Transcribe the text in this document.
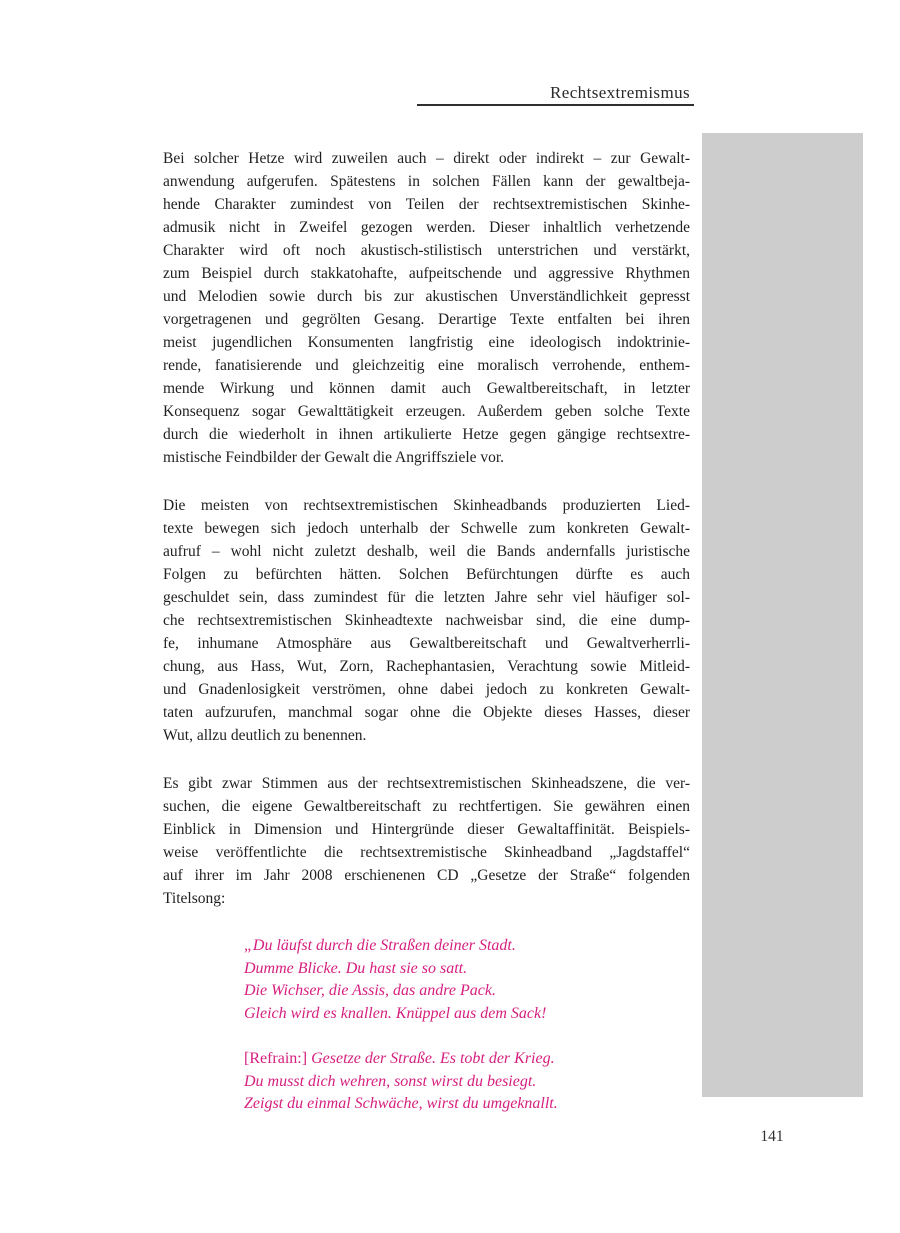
Rechtsextremismus
Bei solcher Hetze wird zuweilen auch – direkt oder indirekt – zur Gewalt-
anwendung aufgerufen. Spätestens in solchen Fällen kann der gewaltbeja-
hende Charakter zumindest von Teilen der rechtsextremistischen Skinhe-
admusik nicht in Zweifel gezogen werden. Dieser inhaltlich verhetzende
Charakter wird oft noch akustisch-stilistisch unterstrichen und verstärkt,
zum Beispiel durch stakkatohafte, aufpeitschende und aggressive Rhythmen
und Melodien sowie durch bis zur akustischen Unverständlichkeit gepresst
vorgetragenen und gegrölten Gesang. Derartige Texte entfalten bei ihren
meist jugendlichen Konsumenten langfristig eine ideologisch indoktrinie-
rende, fanatisierende und gleichzeitig eine moralisch verrohende, enthem-
mende Wirkung und können damit auch Gewaltbereitschaft, in letzter
Konsequenz sogar Gewalttätigkeit erzeugen. Außerdem geben solche Texte
durch die wiederholt in ihnen artikulierte Hetze gegen gängige rechtsextre-
mistische Feindbilder der Gewalt die Angriffsziele vor.
Die meisten von rechtsextremistischen Skinheadbands produzierten Lied-
texte bewegen sich jedoch unterhalb der Schwelle zum konkreten Gewalt-
aufruf – wohl nicht zuletzt deshalb, weil die Bands andernfalls juristische
Folgen zu befürchten hätten. Solchen Befürchtungen dürfte es auch
geschuldet sein, dass zumindest für die letzten Jahre sehr viel häufiger sol-
che rechtsextremistischen Skinheadtexte nachweisbar sind, die eine dump-
fe, inhumane Atmosphäre aus Gewaltbereitschaft und Gewaltverherrli-
chung, aus Hass, Wut, Zorn, Rachephantasien, Verachtung sowie Mitleid-
und Gnadenlosigkeit verströmen, ohne dabei jedoch zu konkreten Gewalt-
taten aufzurufen, manchmal sogar ohne die Objekte dieses Hasses, dieser
Wut, allzu deutlich zu benennen.
Es gibt zwar Stimmen aus der rechtsextremistischen Skinheadszene, die ver-
suchen, die eigene Gewaltbereitschaft zu rechtfertigen. Sie gewähren einen
Einblick in Dimension und Hintergründe dieser Gewaltaffinität. Beispiels-
weise veröffentlichte die rechtsextremistische Skinheadband „Jagdstaffel“
auf ihrer im Jahr 2008 erschienenen CD „Gesetze der Straße“ folgenden
Titelsong:
„Du läufst durch die Straßen deiner Stadt.
Dumme Blicke. Du hast sie so satt.
Die Wichser, die Assis, das andre Pack.
Gleich wird es knallen. Knüppel aus dem Sack!
[Refrain:] Gesetze der Straße. Es tobt der Krieg.
Du musst dich wehren, sonst wirst du besiegt.
Zeigst du einmal Schwäche, wirst du umgeknallt.
141
